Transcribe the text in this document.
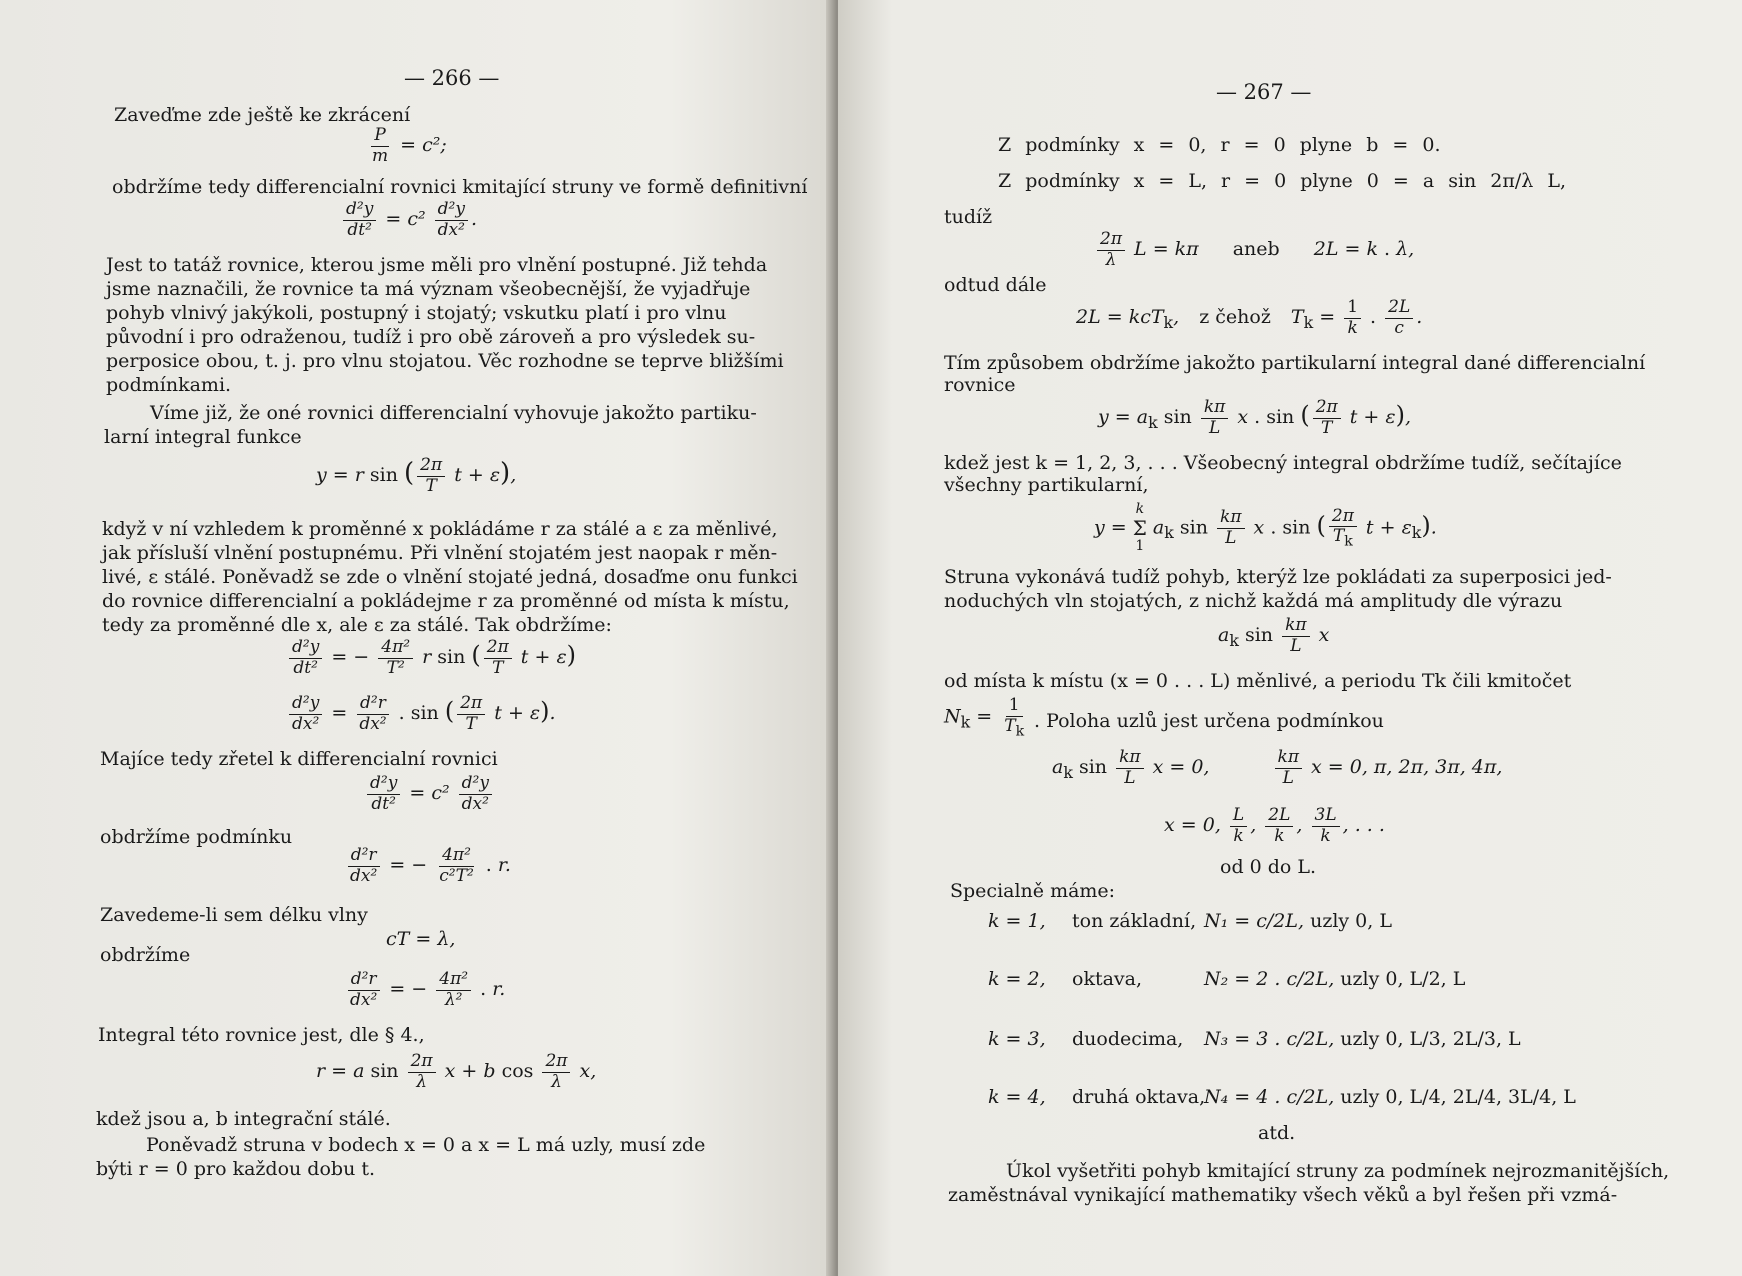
— 266 —
Zaveďme zde ještě ke zkrácení
$\frac{P}{m} = c^2$;
obdržíme tedy differencialní rovnici kmitající struny ve formě definitivní
$\frac{\text{d²y}}{\text{dt²}} = c^2 \frac{\text{d²y}}{\text{dx²}}$ .
Jest to tatáž rovnice, kterou jsme měli pro vlnění postupné. Již tehda
jsme naznačili, že rovnice ta má význam všeobecnější, že vyjadřuje
pohyb vlnivý jakýkoli, postupný i stojatý; vskutku platí i pro vlnu
původní i pro odraženou, tudíž i pro obě zároveň a pro výsledek su-
perposice obou, t. j. pro vlnu stojatou. Věc rozhodne se teprve bližšími
podmínkami.
Víme již, že oné rovnici differencialní vyhovuje jakožto partiku-
larní integral funkce
y = r sin ( $\frac{2\pi}{T}$ t + ε),
když v ní vzhledem k proměnné x pokládáme r za stálé a ε za měnlivé,
jak přísluší vlnění postupnému. Při vlnění stojatém jest naopak r měn-
livé, ε stálé. Poněvadž se zde o vlnění stojaté jedná, dosaďme onu funkci
do rovnice differencialní a pokládejme r za proměnné od místa k místu,
tedy za proměnné dle x, ale ε za stálé. Tak obdržíme:
$\frac{\text{d²y}}{\text{dt²}}$ = − $\frac{\text{4π²}}{\text{T²}}$ r sin ( $\frac{2\pi}{T}$ t + ε)
$\frac{\text{d²y}}{\text{dx²}} = \frac{\text{d²r}}{\text{dx²}}$ . sin ( $\frac{2\pi}{T}$ t + ε).
Majíce tedy zřetel k differencialní rovnici
$\frac{\text{d²y}}{\text{dt²}} = c^2 \frac{\text{d²y}}{\text{dx²}}$
obdržíme podmínku
$\frac{\text{d²r}}{\text{dx²}}$ = − $\frac{\text{4π²}}{\text{c²T²}}$ . r.
Zavedeme-li sem délku vlny
cT = λ,
obdržíme
$\frac{\text{d²r}}{\text{dx²}}$ = − $\frac{\text{4π²}}{\text{λ²}}$ . r.
Integral této rovnice jest, dle § 4.,
r = a $\sin \frac{2\pi}{\lambda}$ x + b $\cos \frac{2\pi}{\lambda} x$,
kdež jsou a, b integrační stálé.
Poněvadž struna v bodech x = 0 a x = L má uzly, musí zde
býti r = 0 pro každou dobu t.
— 267 —
Z podmínky x = 0, r = 0 plyne b = 0.
Z podmínky x = L, r = 0 plyne 0 = a sin 2π/λ L,
tudíž
$\frac{2\pi}{\lambda}$ L = kπ aneb 2L = k . λ,
odtud dále
2L = kcT$_k$, z čehož $T_k = \frac{1}{k}$ . $\frac{2L}{c}$ .
Tím způsobem obdržíme jakožto partikularní integral dané differencialní
rovnice
$y = a_k$ $\sin \frac{k\pi}{L}$ x . sin ( $\frac{2\pi}{T}$ t + ε),
kdež jest k = 1, 2, 3, . . . Všeobecný integral obdržíme tudíž, sečítajíce
všechny partikularní,
y =
k
Σ
1
$a_k$ $\sin \frac{k\pi}{L}$ x . sin ( $\frac{2\pi}{T_k}$ $t + \varepsilon_k$).
Struna vykonává tudíž pohyb, kterýž lze pokládati za superposici jed-
noduchých vln stojatých, z nichž každá má amplitudy dle výrazu
$a_k$ $\sin \frac{k\pi}{L}$ x
od místa k místu (x = 0 . . . L) měnlivé, a periodu Tk čili kmitočet
$N_k = \frac{1}{T_k}$ . Poloha uzlů jest určena podmínkou
$a_k$ $\sin \frac{k\pi}{L}$ x = 0,	$\frac{k\pi}{L}$ x = 0, π, 2π, 3π, 4π,
x = 0, $\frac{L}{k}$ , $\frac{2L}{k}$ , $\frac{3L}{k}$ , . . .
od 0 do L.
Specialně máme:
k = 1, ton základní, N₁ = c/2L, uzly 0, L
k = 2, oktava,	N₂ = 2 . c/2L, uzly 0, L/2, L
k = 3, duodecima, N₃ = 3 . c/2L, uzly 0, L/3, 2L/3, L
k = 4, druhá oktava,N₄ = 4 . c/2L, uzly 0, L/4, 2L/4, 3L/4, L
atd.
Úkol vyšetřiti pohyb kmitající struny za podmínek nejrozmanitějších,
zaměstnával vynikající mathematiky všech věků a byl řešen při vzmá-
